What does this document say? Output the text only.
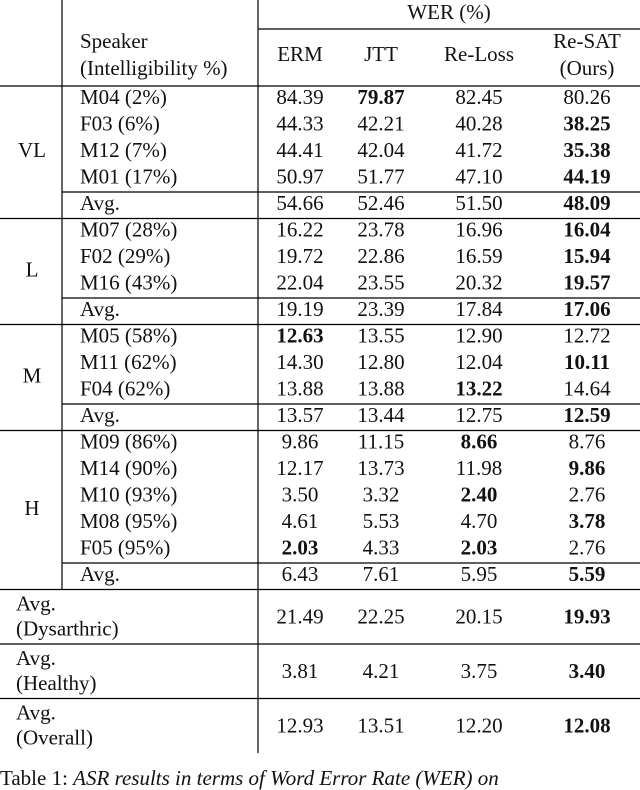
WER (%)
Speaker
(Intelligibility %)
ERM JTT Re-Loss
Re-SAT
(Ours)
M04 (2%)	84.39 79.87 82.45	80.26
F03 (6%)	44.33 42.21 40.28	38.25
M12 (7%)	44.41 42.04 41.72	35.38
M01 (17%)	50.97 51.77 47.10	44.19
Avg.	54.66 52.46 51.50	48.09
VL
M07 (28%)	16.22 23.78 16.96	16.04
F02 (29%)	19.72 22.86 16.59	15.94
M16 (43%)	22.04 23.55 20.32	19.57
Avg.	19.19 23.39 17.84	17.06
L
M05 (58%)	12.63 13.55 12.90	12.72
M11 (62%)	14.30 12.80 12.04	10.11
F04 (62%)	13.88 13.88 13.22	14.64
Avg.	13.57 13.44 12.75	12.59
M
M09 (86%)	9.86 11.15	8.66	8.76
M14 (90%)	12.17 13.73 11.98	9.86
M10 (93%)	3.50 3.32	2.40	2.76
M08 (95%)	4.61 5.53	4.70	3.78
F05 (95%)	2.03 4.33	2.03	2.76
Avg.	6.43 7.61	5.95	5.59
H
Avg.
(Dysarthric)	21.49 22.25 20.15	19.93
Avg.
(Healthy)	3.81 4.21	3.75	3.40
Avg.
(Overall)	12.93 13.51 12.20	12.08
Table 1: ASR results in terms of Word Error Rate (WER) on
